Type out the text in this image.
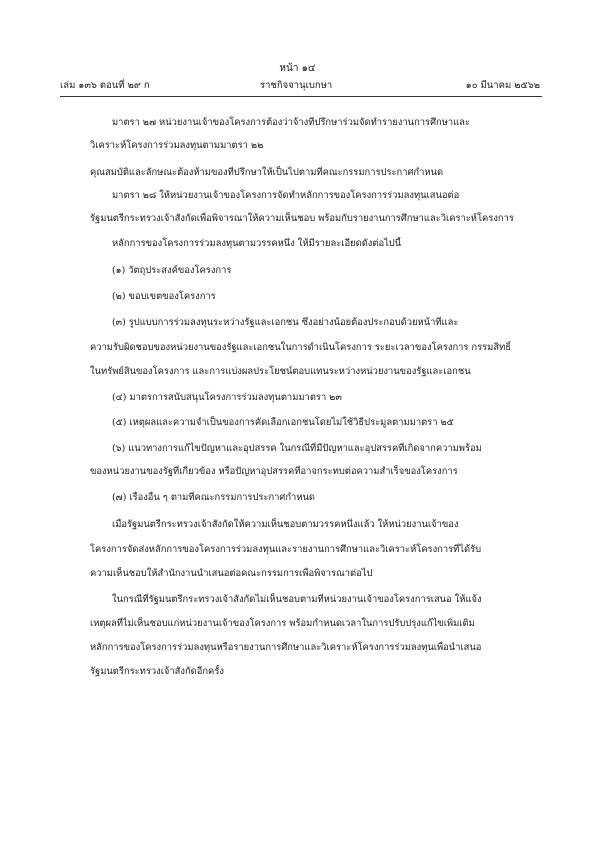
หน้า ๑๔
เล่ม ๑๓๖ ตอนที่ ๒๙ ก	ราชกิจจานุเบกษา	๑๐ มีนาคม ๒๕๖๒
มาตรา ๒๗ หน่วยงานเจ้าของโครงการต้องว่าจ้างที่ปรึกษาร่วมจัดทำรายงานการศึกษาและ
วิเคราะห์โครงการร่วมลงทุนตามมาตรา ๒๒
คุณสมบัติและลักษณะต้องห้ามของที่ปรึกษาให้เป็นไปตามที่คณะกรรมการประกาศกำหนด
มาตรา ๒๘ ให้หน่วยงานเจ้าของโครงการจัดทำหลักการของโครงการร่วมลงทุนเสนอต่อ
รัฐมนตรีกระทรวงเจ้าสังกัดเพื่อพิจารณาให้ความเห็นชอบ พร้อมกับรายงานการศึกษาและวิเคราะห์โครงการ
หลักการของโครงการร่วมลงทุนตามวรรคหนึ่ง ให้มีรายละเอียดดังต่อไปนี้
(๑) วัตถุประสงค์ของโครงการ
(๒) ขอบเขตของโครงการ
(๓) รูปแบบการร่วมลงทุนระหว่างรัฐและเอกชน ซึ่งอย่างน้อยต้องประกอบด้วยหน้าที่และ
ความรับผิดชอบของหน่วยงานของรัฐและเอกชนในการดำเนินโครงการ ระยะเวลาของโครงการ กรรมสิทธิ์
ในทรัพย์สินของโครงการ และการแบ่งผลประโยชน์ตอบแทนระหว่างหน่วยงานของรัฐและเอกชน
(๔) มาตรการสนับสนุนโครงการร่วมลงทุนตามมาตรา ๒๓
(๕) เหตุผลและความจำเป็นของการคัดเลือกเอกชนโดยไม่ใช้วิธีประมูลตามมาตรา ๒๕
(๖) แนวทางการแก้ไขปัญหาและอุปสรรค ในกรณีที่มีปัญหาและอุปสรรคที่เกิดจากความพร้อม
ของหน่วยงานของรัฐที่เกี่ยวข้อง หรือปัญหาอุปสรรคที่อาจกระทบต่อความสำเร็จของโครงการ
(๗) เรื่องอื่น ๆ ตามที่คณะกรรมการประกาศกำหนด
เมื่อรัฐมนตรีกระทรวงเจ้าสังกัดให้ความเห็นชอบตามวรรคหนึ่งแล้ว ให้หน่วยงานเจ้าของ
โครงการจัดส่งหลักการของโครงการร่วมลงทุนและรายงานการศึกษาและวิเคราะห์โครงการที่ได้รับ
ความเห็นชอบให้สำนักงานนำเสนอต่อคณะกรรมการเพื่อพิจารณาต่อไป
ในกรณีที่รัฐมนตรีกระทรวงเจ้าสังกัดไม่เห็นชอบตามที่หน่วยงานเจ้าของโครงการเสนอ ให้แจ้ง
เหตุผลที่ไม่เห็นชอบแก่หน่วยงานเจ้าของโครงการ พร้อมกำหนดเวลาในการปรับปรุงแก้ไขเพิ่มเติม
หลักการของโครงการร่วมลงทุนหรือรายงานการศึกษาและวิเคราะห์โครงการร่วมลงทุนเพื่อนำเสนอ
รัฐมนตรีกระทรวงเจ้าสังกัดอีกครั้ง
